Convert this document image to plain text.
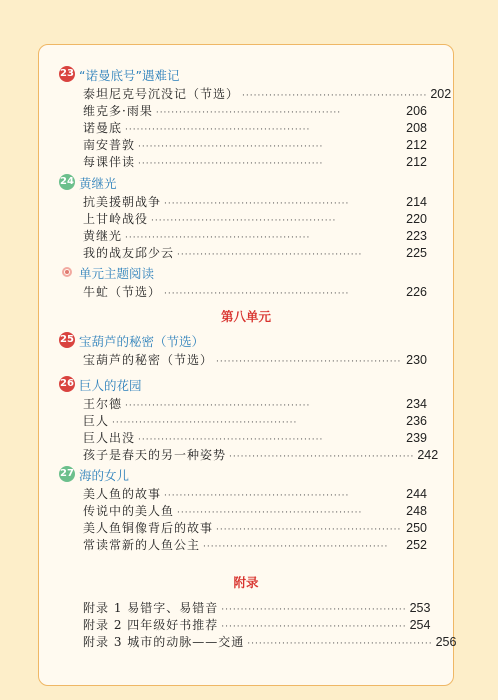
23 “诺曼底号”遇难记
泰坦尼克号沉没记（节选） ················································ 202
维克多·雨果 ················································	206
诺曼底 ················································	208
南安普敦 ················································	212
每课伴读 ················································	212
24 黄继光
抗美援朝战争 ················································	214
上甘岭战役 ················································	220
黄继光 ················································	223
我的战友邱少云 ················································	225
单元主题阅读
牛虻（节选） ················································	226
第八单元
25 宝葫芦的秘密（节选）
宝葫芦的秘密（节选） ················································ 230
26 巨人的花园
王尔德 ················································	234
巨人 ················································	236
巨人出没 ················································	239
孩子是春天的另一种姿势 ················································ 242
27 海的女儿
美人鱼的故事 ················································	244
传说中的美人鱼 ················································	248
美人鱼铜像背后的故事 ················································ 250
常读常新的人鱼公主 ················································	252
附录
附录 1 易错字、易错音 ················································ 253
附录 2 四年级好书推荐 ················································ 254
附录 3 城市的动脉——交通 ················································ 256
